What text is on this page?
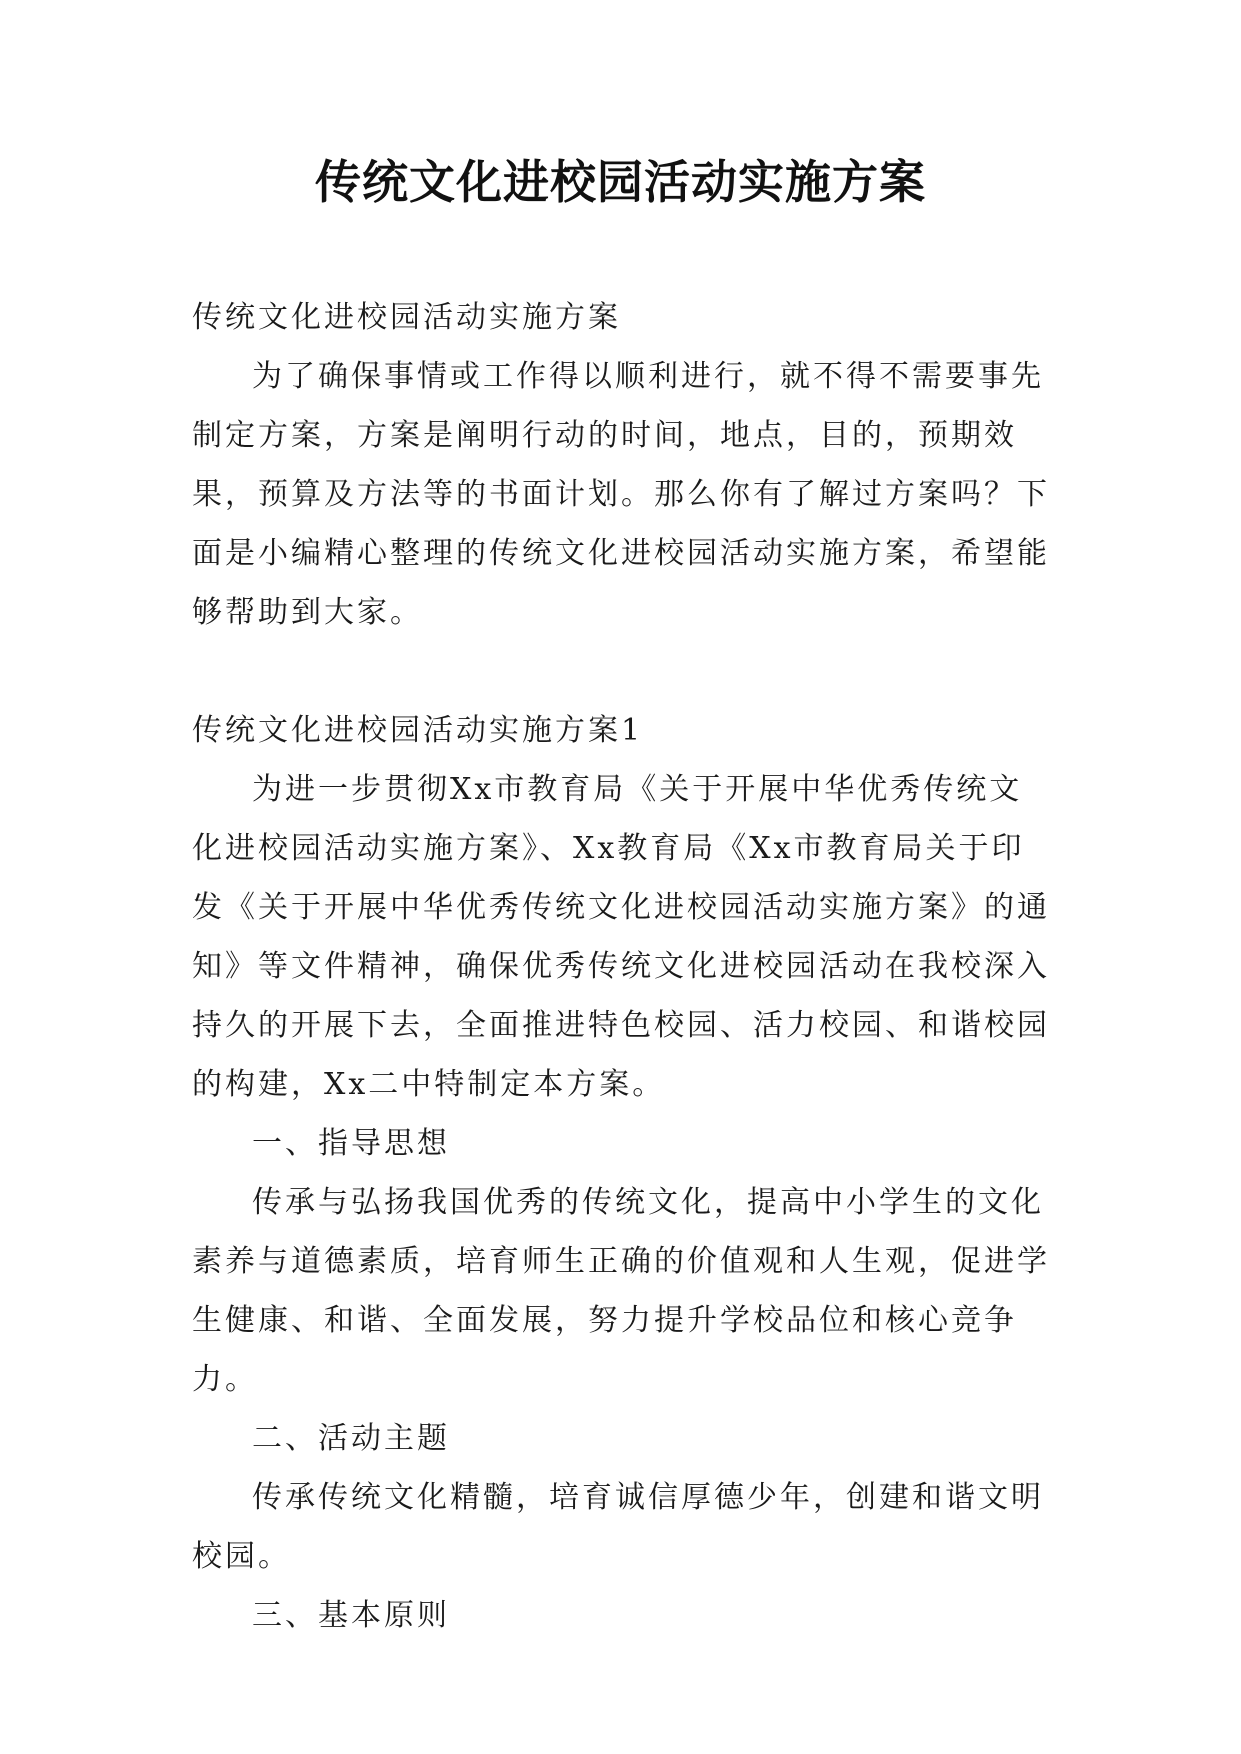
传统文化进校园活动实施方案

传统文化进校园活动实施方案

为了确保事情或工作得以顺利进行，就不得不需要事先制定方案，方案是阐明行动的时间，地点，目的，预期效果，预算及方法等的书面计划。那么你有了解过方案吗？下面是小编精心整理的传统文化进校园活动实施方案，希望能够帮助到大家。

传统文化进校园活动实施方案1

为进一步贯彻Xx市教育局《关于开展中华优秀传统文化进校园活动实施方案》、Xx教育局《Xx市教育局关于印发《关于开展中华优秀传统文化进校园活动实施方案》的通知》等文件精神，确保优秀传统文化进校园活动在我校深入持久的开展下去，全面推进特色校园、活力校园、和谐校园的构建，Xx二中特制定本方案。

一、指导思想

传承与弘扬我国优秀的传统文化，提高中小学生的文化素养与道德素质，培育师生正确的价值观和人生观，促进学生健康、和谐、全面发展，努力提升学校品位和核心竞争力。

二、活动主题

传承传统文化精髓，培育诚信厚德少年，创建和谐文明校园。

三、基本原则
